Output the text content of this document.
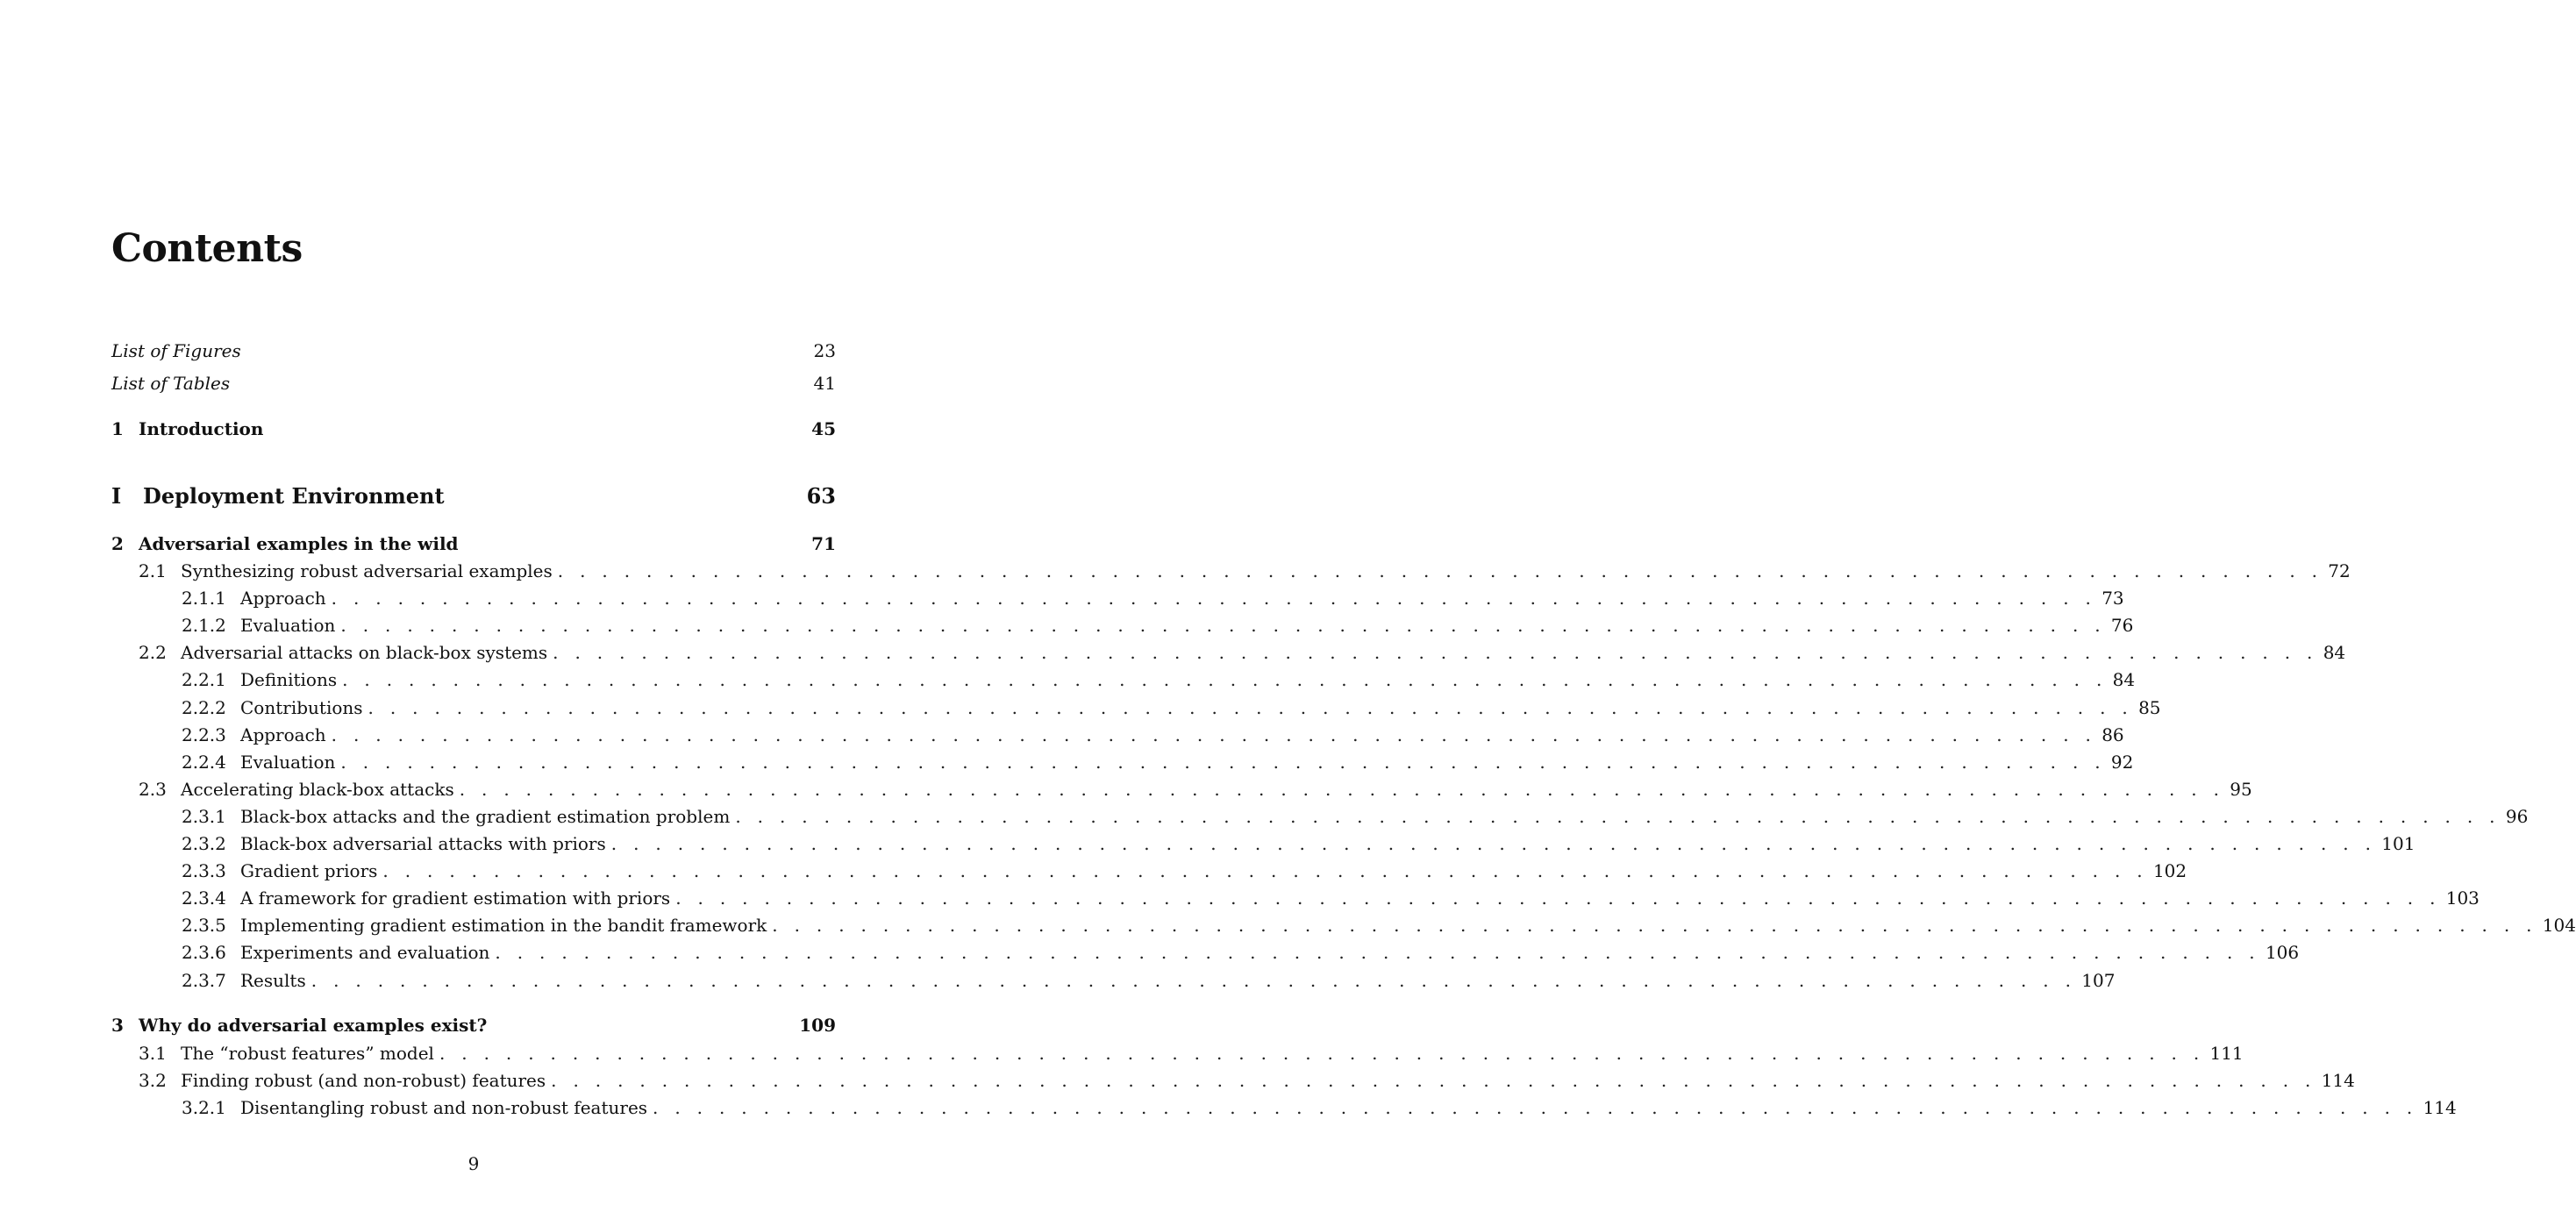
Contents
List of Figures	23
List of Tables	41
1 Introduction	45
I	Deployment Environment	63
2 Adversarial examples in the wild	71
2.1 Synthesizing robust adversarial examples . . . . . . . . . . . . . . . . . . . . . . . . . . . . . . . . . . . . . . . . . . . . . . . . . . . . . . . . . . . . . . . . . . . . . . . . . . . . . . . . 72
2.1.1 Approach . . . . . . . . . . . . . . . . . . . . . . . . . . . . . . . . . . . . . . . . . . . . . . . . . . . . . . . . . . . . . . . . . . . . . . . . . . . . . . . . 73
2.1.2 Evaluation . . . . . . . . . . . . . . . . . . . . . . . . . . . . . . . . . . . . . . . . . . . . . . . . . . . . . . . . . . . . . . . . . . . . . . . . . . . . . . . . 76
2.2 Adversarial attacks on black-box systems . . . . . . . . . . . . . . . . . . . . . . . . . . . . . . . . . . . . . . . . . . . . . . . . . . . . . . . . . . . . . . . . . . . . . . . . . . . . . . . . 84
2.2.1 Definitions . . . . . . . . . . . . . . . . . . . . . . . . . . . . . . . . . . . . . . . . . . . . . . . . . . . . . . . . . . . . . . . . . . . . . . . . . . . . . . . . 84
2.2.2 Contributions . . . . . . . . . . . . . . . . . . . . . . . . . . . . . . . . . . . . . . . . . . . . . . . . . . . . . . . . . . . . . . . . . . . . . . . . . . . . . . . . 85
2.2.3 Approach . . . . . . . . . . . . . . . . . . . . . . . . . . . . . . . . . . . . . . . . . . . . . . . . . . . . . . . . . . . . . . . . . . . . . . . . . . . . . . . . 86
2.2.4 Evaluation . . . . . . . . . . . . . . . . . . . . . . . . . . . . . . . . . . . . . . . . . . . . . . . . . . . . . . . . . . . . . . . . . . . . . . . . . . . . . . . . 92
2.3 Accelerating black-box attacks . . . . . . . . . . . . . . . . . . . . . . . . . . . . . . . . . . . . . . . . . . . . . . . . . . . . . . . . . . . . . . . . . . . . . . . . . . . . . . . . 95
2.3.1 Black-box attacks and the gradient estimation problem . . . . . . . . . . . . . . . . . . . . . . . . . . . . . . . . . . . . . . . . . . . . . . . . . . . . . . . . . . . . . . . . . . . . . . . . . . . . . . . . 96
2.3.2 Black-box adversarial attacks with priors . . . . . . . . . . . . . . . . . . . . . . . . . . . . . . . . . . . . . . . . . . . . . . . . . . . . . . . . . . . . . . . . . . . . . . . . . . . . . . . . 101
2.3.3 Gradient priors . . . . . . . . . . . . . . . . . . . . . . . . . . . . . . . . . . . . . . . . . . . . . . . . . . . . . . . . . . . . . . . . . . . . . . . . . . . . . . . . 102
2.3.4 A framework for gradient estimation with priors . . . . . . . . . . . . . . . . . . . . . . . . . . . . . . . . . . . . . . . . . . . . . . . . . . . . . . . . . . . . . . . . . . . . . . . . . . . . . . . . 103
2.3.5 Implementing gradient estimation in the bandit framework . . . . . . . . . . . . . . . . . . . . . . . . . . . . . . . . . . . . . . . . . . . . . . . . . . . . . . . . . . . . . . . . . . . . . . . . . . . . . . . . 104
2.3.6 Experiments and evaluation . . . . . . . . . . . . . . . . . . . . . . . . . . . . . . . . . . . . . . . . . . . . . . . . . . . . . . . . . . . . . . . . . . . . . . . . . . . . . . . . 106
2.3.7 Results . . . . . . . . . . . . . . . . . . . . . . . . . . . . . . . . . . . . . . . . . . . . . . . . . . . . . . . . . . . . . . . . . . . . . . . . . . . . . . . . 107
3 Why do adversarial examples exist?	109
3.1 The “robust features” model . . . . . . . . . . . . . . . . . . . . . . . . . . . . . . . . . . . . . . . . . . . . . . . . . . . . . . . . . . . . . . . . . . . . . . . . . . . . . . . . 111
3.2 Finding robust (and non-robust) features . . . . . . . . . . . . . . . . . . . . . . . . . . . . . . . . . . . . . . . . . . . . . . . . . . . . . . . . . . . . . . . . . . . . . . . . . . . . . . . . 114
3.2.1 Disentangling robust and non-robust features . . . . . . . . . . . . . . . . . . . . . . . . . . . . . . . . . . . . . . . . . . . . . . . . . . . . . . . . . . . . . . . . . . . . . . . . . . . . . . . . 114
9
